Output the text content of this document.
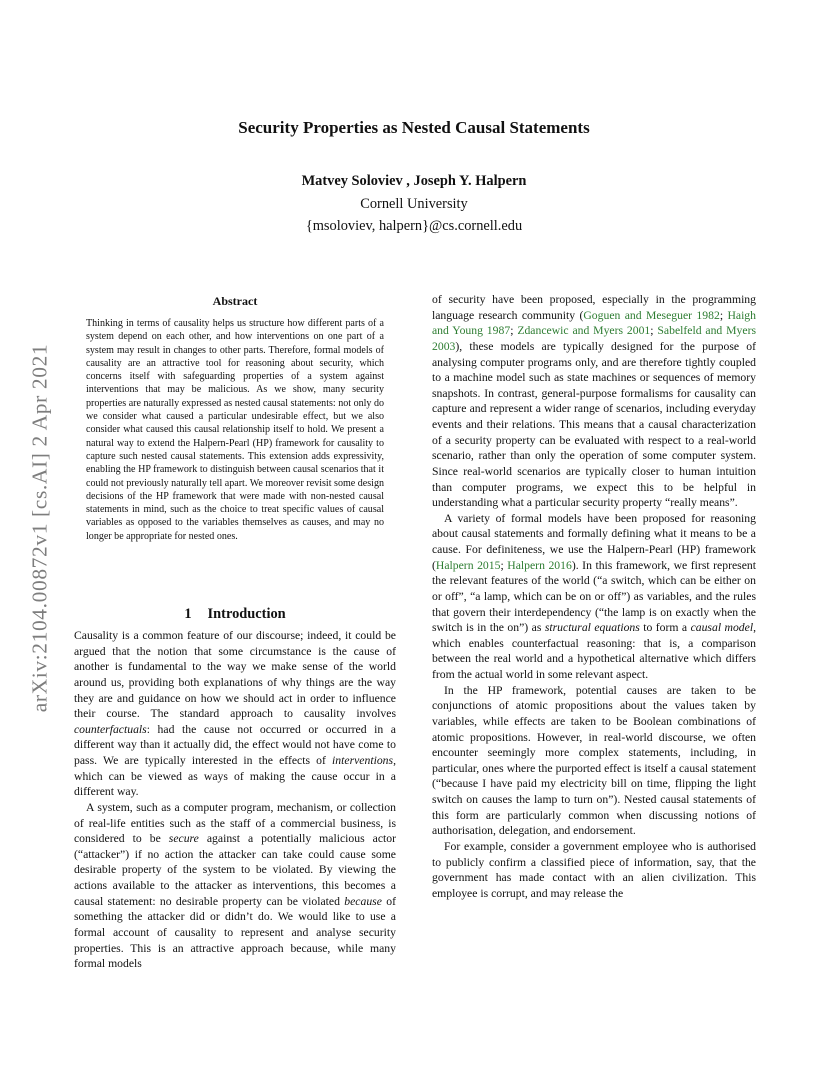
arXiv:2104.00872v1 [cs.AI] 2 Apr 2021
Security Properties as Nested Causal Statements
Matvey Soloviev , Joseph Y. Halpern
Cornell University
{msoloviev, halpern}@cs.cornell.edu
Abstract

Thinking in terms of causality helps us structure how different parts of a system depend on each other, and how interventions on one part of a system may result in changes to other parts. Therefore, formal models of causality are an attractive tool for reasoning about security, which concerns itself with safeguarding properties of a system against interventions that may be malicious. As we show, many security properties are naturally expressed as nested causal statements: not only do we consider what caused a particular undesirable effect, but we also consider what caused this causal relationship itself to hold. We present a natural way to extend the Halpern-Pearl (HP) framework for causality to capture such nested causal statements. This extension adds expressivity, enabling the HP framework to distinguish between causal scenarios that it could not previously naturally tell apart. We moreover revisit some design decisions of the HP framework that were made with non-nested causal statements in mind, such as the choice to treat specific values of causal variables as opposed to the variables themselves as causes, and may no longer be appropriate for nested ones.

1 Introduction

Causality is a common feature of our discourse; indeed, it could be argued that the notion that some circumstance is the cause of another is fundamental to the way we make sense of the world around us, providing both explanations of why things are the way they are and guidance on how we should act in order to influence their course. The standard approach to causality involves counterfactuals: had the cause not occurred or occurred in a different way than it actually did, the effect would not have come to pass. We are typically interested in the effects of interventions, which can be viewed as ways of making the cause occur in a different way.

A system, such as a computer program, mechanism, or collection of real-life entities such as the staff of a commercial business, is considered to be secure against a potentially malicious actor (“attacker”) if no action the attacker can take could cause some desirable property of the system to be violated. By viewing the actions available to the attacker as interventions, this becomes a causal statement: no desirable property can be violated because of something the attacker did or didn’t do. We would like to use a formal account of causality to represent and analyse security properties. This is an attractive approach because, while many formal models

of security have been proposed, especially in the programming language research community (Goguen and Meseguer 1982; Haigh and Young 1987; Zdancewic and Myers 2001; Sabelfeld and Myers 2003), these models are typically designed for the purpose of analysing computer programs only, and are therefore tightly coupled to a machine model such as state machines or sequences of memory snapshots. In contrast, general-purpose formalisms for causality can capture and represent a wider range of scenarios, including everyday events and their relations. This means that a causal characterization of a security property can be evaluated with respect to a real-world scenario, rather than only the operation of some computer system. Since real-world scenarios are typically closer to human intuition than computer programs, we expect this to be helpful in understanding what a particular security property “really means”.

A variety of formal models have been proposed for reasoning about causal statements and formally defining what it means to be a cause. For definiteness, we use the Halpern-Pearl (HP) framework (Halpern 2015; Halpern 2016). In this framework, we first represent the relevant features of the world (“a switch, which can be either on or off”, “a lamp, which can be on or off”) as variables, and the rules that govern their interdependency (“the lamp is on exactly when the switch is in the on”) as structural equations to form a causal model, which enables counterfactual reasoning: that is, a comparison between the real world and a hypothetical alternative which differs from the actual world in some relevant aspect.

In the HP framework, potential causes are taken to be conjunctions of atomic propositions about the values taken by variables, while effects are taken to be Boolean combinations of atomic propositions. However, in real-world discourse, we often encounter seemingly more complex statements, including, in particular, ones where the purported effect is itself a causal statement (“because I have paid my electricity bill on time, flipping the light switch on causes the lamp to turn on”). Nested causal statements of this form are particularly common when discussing notions of authorisation, delegation, and endorsement.

For example, consider a government employee who is authorised to publicly confirm a classified piece of information, say, that the government has made contact with an alien civilization. This employee is corrupt, and may release the
